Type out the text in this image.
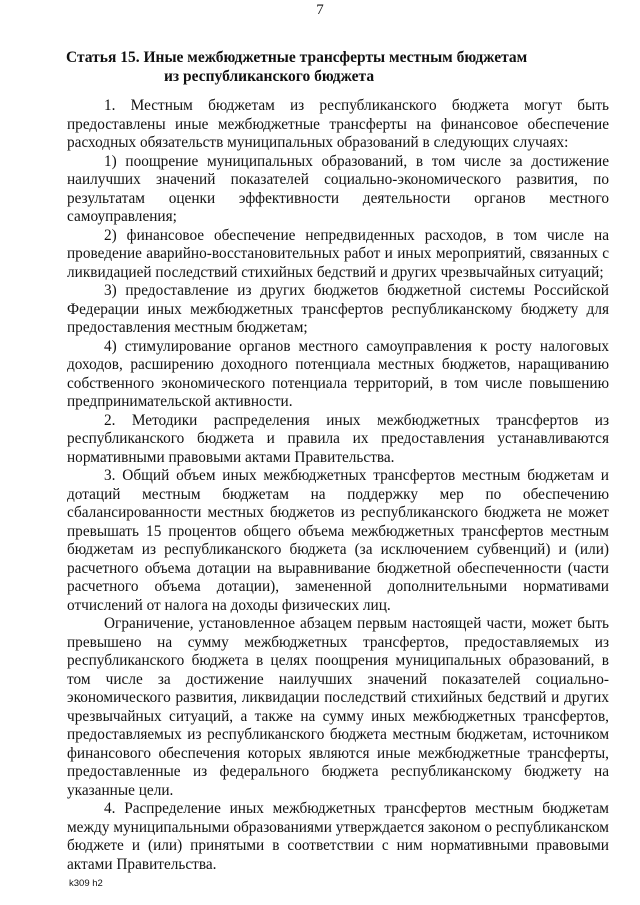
7
Статья 15. Иные межбюджетные трансферты местным бюджетам
из республиканского бюджета

1. Местным бюджетам из республиканского бюджета могут быть предоставлены иные межбюджетные трансферты на финансовое обеспечение расходных обязательств муниципальных образований в следующих случаях:

1) поощрение муниципальных образований, в том числе за достижение наилучших значений показателей социально-экономического развития, по результатам оценки эффективности деятельности органов местного самоуправления;

2) финансовое обеспечение непредвиденных расходов, в том числе на проведение аварийно-восстановительных работ и иных мероприятий, связанных с ликвидацией последствий стихийных бедствий и других чрезвычайных ситуаций;

3) предоставление из других бюджетов бюджетной системы Российской Федерации иных межбюджетных трансфертов республиканскому бюджету для предоставления местным бюджетам;

4) стимулирование органов местного самоуправления к росту налоговых доходов, расширению доходного потенциала местных бюджетов, наращиванию собственного экономического потенциала территорий, в том числе повышению предпринимательской активности.

2. Методики распределения иных межбюджетных трансфертов из республиканского бюджета и правила их предоставления устанавливаются нормативными правовыми актами Правительства.

3. Общий объем иных межбюджетных трансфертов местным бюджетам и дотаций местным бюджетам на поддержку мер по обеспечению сбалансированности местных бюджетов из республиканского бюджета не может превышать 15 процентов общего объема межбюджетных трансфертов местным бюджетам из республиканского бюджета (за исключением субвенций) и (или) расчетного объема дотации на выравнивание бюджетной обеспеченности (части расчетного объема дотации), замененной дополнительными нормативами отчислений от налога на доходы физических лиц.

Ограничение, установленное абзацем первым настоящей части, может быть превышено на сумму межбюджетных трансфертов, предоставляемых из республиканского бюджета в целях поощрения муниципальных образований, в том числе за достижение наилучших значений показателей социально-экономического развития, ликвидации последствий стихийных бедствий и других чрезвычайных ситуаций, а также на сумму иных межбюджетных трансфертов, предоставляемых из республиканского бюджета местным бюджетам, источником финансового обеспечения которых являются иные межбюджетные трансферты, предоставленные из федерального бюджета республиканскому бюджету на указанные цели.

4. Распределение иных межбюджетных трансфертов местным бюджетам между муниципальными образованиями утверждается законом о республиканском бюджете и (или) принятыми в соответствии с ним нормативными правовыми актами Правительства.

k309 h2
